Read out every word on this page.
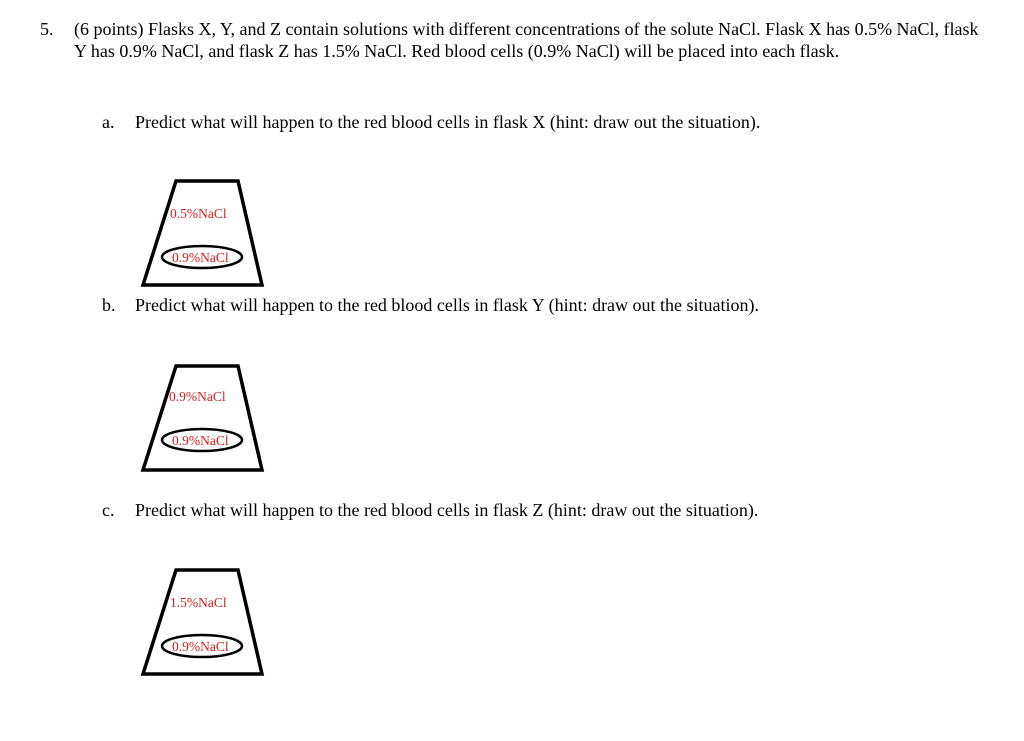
5. (6 points) Flasks X, Y, and Z contain solutions with different concentrations of the solute NaCl. Flask X has 0.5% NaCl, flask Y has 0.9% NaCl, and flask Z has 1.5% NaCl. Red blood cells (0.9% NaCl) will be placed into each flask.
a. Predict what will happen to the red blood cells in flask X (hint: draw out the situation).
0.5%NaCl
0.9%NaCl
b. Predict what will happen to the red blood cells in flask Y (hint: draw out the situation).
0.9%NaCl
0.9%NaCl
c. Predict what will happen to the red blood cells in flask Z (hint: draw out the situation).
1.5%NaCl
0.9%NaCl
